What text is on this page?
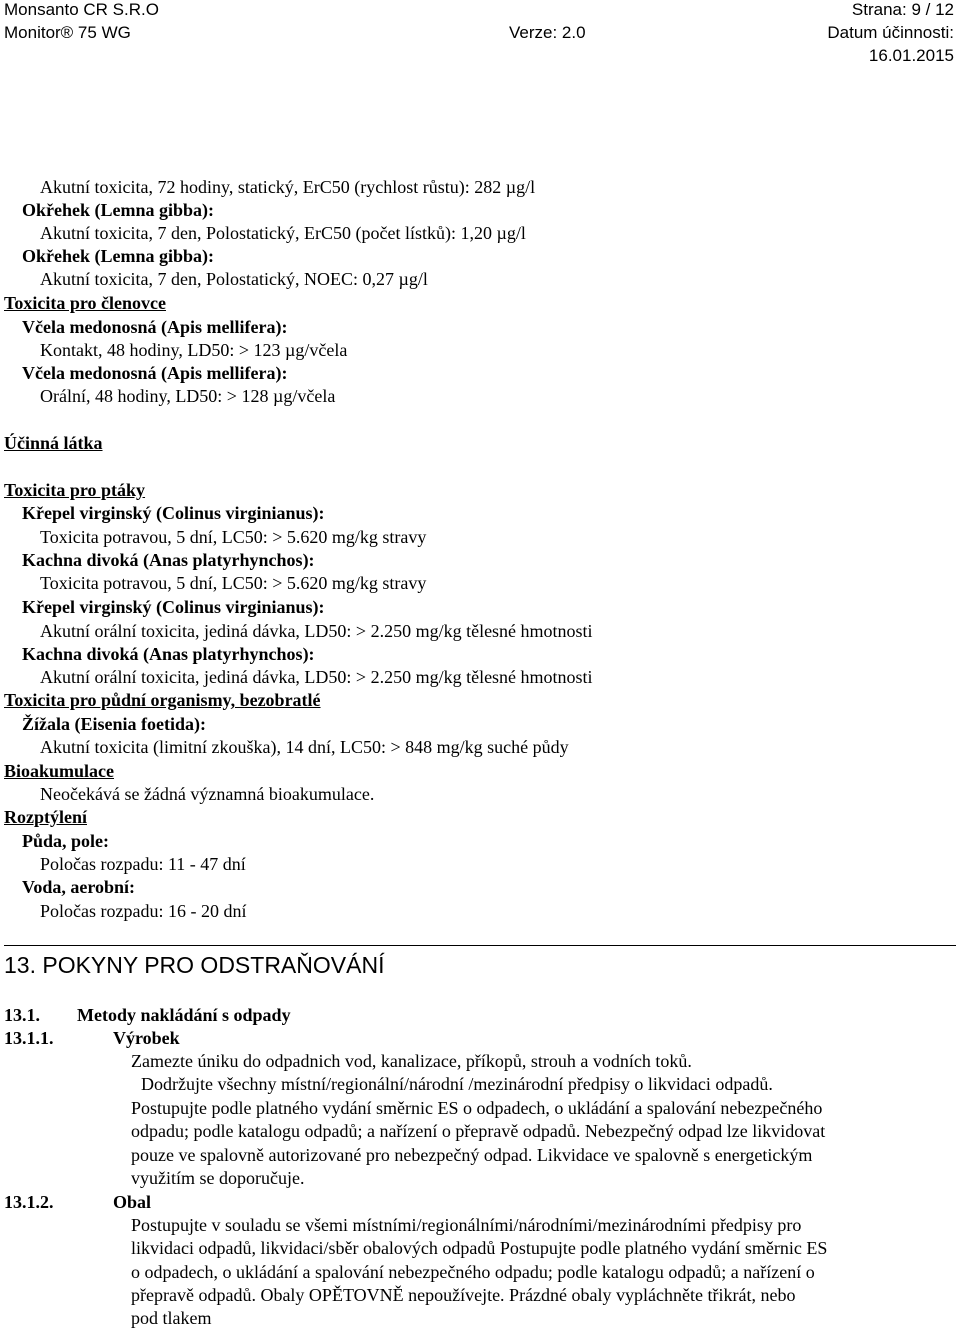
Monsanto CR S.R.O	Strana: 9 / 12
Monitor® 75 WG	Verze: 2.0	Datum účinnosti:
16.01.2015
Akutní toxicita, 72 hodiny, statický, ErC50 (rychlost růstu): 282 µg/l
Okřehek (Lemna gibba):
Akutní toxicita, 7 den, Polostatický, ErC50 (počet lístků): 1,20 µg/l
Okřehek (Lemna gibba):
Akutní toxicita, 7 den, Polostatický, NOEC: 0,27 µg/l
Toxicita pro členovce
Včela medonosná (Apis mellifera):
Kontakt, 48 hodiny, LD50: > 123 µg/včela
Včela medonosná (Apis mellifera):
Orální, 48 hodiny, LD50: > 128 µg/včela
Účinná látka
Toxicita pro ptáky
Křepel virginský (Colinus virginianus):
Toxicita potravou, 5 dní, LC50: > 5.620 mg/kg stravy
Kachna divoká (Anas platyrhynchos):
Toxicita potravou, 5 dní, LC50: > 5.620 mg/kg stravy
Křepel virginský (Colinus virginianus):
Akutní orální toxicita, jediná dávka, LD50: > 2.250 mg/kg tělesné hmotnosti
Kachna divoká (Anas platyrhynchos):
Akutní orální toxicita, jediná dávka, LD50: > 2.250 mg/kg tělesné hmotnosti
Toxicita pro půdní organismy, bezobratlé
Žížala (Eisenia foetida):
Akutní toxicita (limitní zkouška), 14 dní, LC50: > 848 mg/kg suché půdy
Bioakumulace
Neočekává se žádná významná bioakumulace.
Rozptýlení
Půda, pole:
Poločas rozpadu: 11 - 47 dní
Voda, aerobní:
Poločas rozpadu: 16 - 20 dní
13. POKYNY PRO ODSTRAŇOVÁNÍ
13.1. Metody nakládání s odpady
13.1.1.	Výrobek
Zamezte úniku do odpadnich vod, kanalizace, příkopů, strouh a vodních toků.
Dodržujte všechny místní/regionální/národní /mezinárodní předpisy o likvidaci odpadů.
Postupujte podle platného vydání směrnic ES o odpadech, o ukládání a spalování nebezpečného
odpadu; podle katalogu odpadů; a nařízení o přepravě odpadů. Nebezpečný odpad lze likvidovat
pouze ve spalovně autorizované pro nebezpečný odpad. Likvidace ve spalovně s energetickým
využitím se doporučuje.
13.1.2.	Obal
Postupujte v souladu se všemi místními/regionálními/národními/mezinárodními předpisy pro
likvidaci odpadů, likvidaci/sběr obalových odpadů Postupujte podle platného vydání směrnic ES
o odpadech, o ukládání a spalování nebezpečného odpadu; podle katalogu odpadů; a nařízení o
přepravě odpadů. Obaly OPĚTOVNĚ nepoužívejte. Prázdné obaly vypláchněte třikrát, nebo
pod tlakem
